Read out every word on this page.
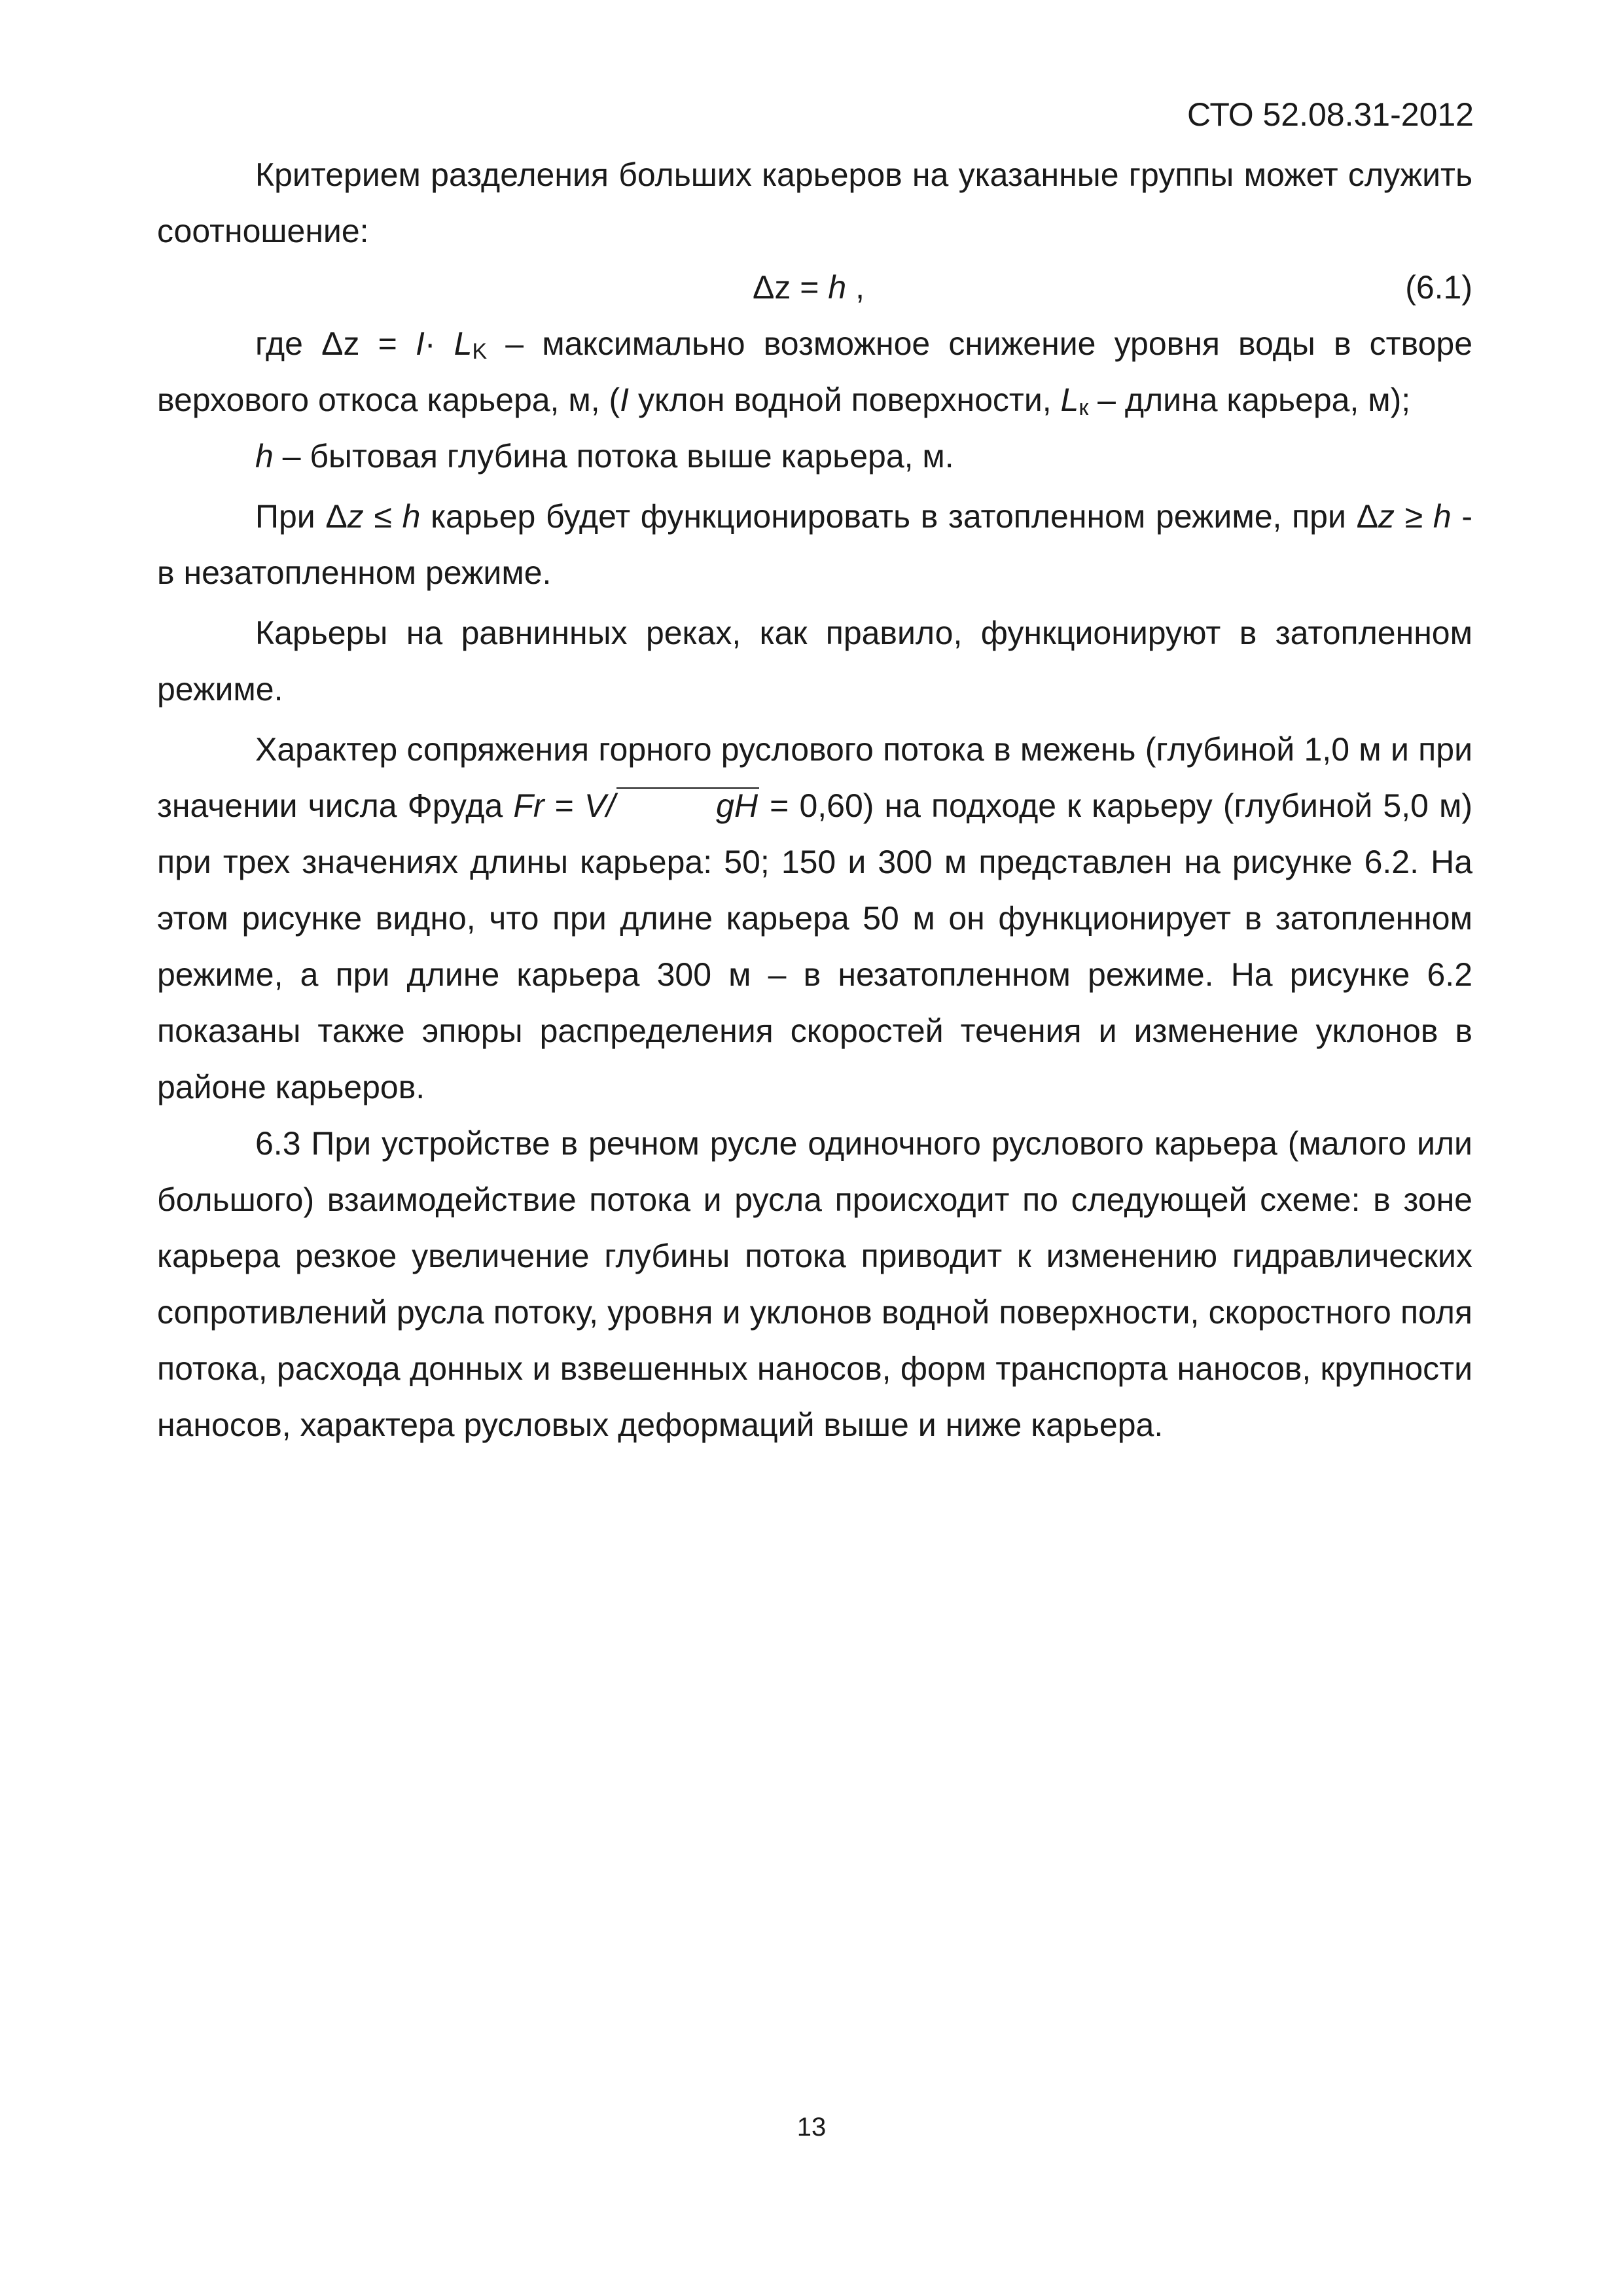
СТО 52.08.31-2012

Критерием разделения больших карьеров на указанные группы может служить

соотношение:

Δz = h ,	(6.1)

где $\Delta z = I\cdot L_K$ – максимально возможное снижение уровня воды в створе верхового откоса карьера, м, (I уклон водной поверхности, $L_к$ – длина карьера, м);

h – бытовая глубина потока выше карьера, м.

При Δz ≤ h карьер будет функционировать в затопленном режиме, при Δz ≥ h - в незатопленном режиме.

Карьеры на равнинных реках, как правило, функционируют в затопленном режиме.

Характер сопряжения горного руслового потока в межень (глубиной 1,0 м и при значении числа Фруда Fr = V/	gH = 0,60) на подходе к карьеру (глубиной 5,0 м) при трех значениях длины карьера: 50; 150 и 300 м представлен на рисунке 6.2. На этом рисунке видно, что при длине карьера 50 м он функционирует в затопленном режиме, а при длине карьера 300 м – в незатопленном режиме. На рисунке 6.2 показаны также эпюры распределения скоростей течения и изменение уклонов в районе карьеров.

6.3 При устройстве в речном русле одиночного руслового карьера (малого или большого) взаимодействие потока и русла происходит по следующей схеме: в зоне карьера резкое увеличение глубины потока приводит к изменению гидравлических сопротивлений русла потоку, уровня и уклонов водной поверхности, скоростного поля потока, расхода донных и взвешенных наносов, форм транспорта наносов, крупности наносов, характера русловых деформаций выше и ниже карьера.

13
